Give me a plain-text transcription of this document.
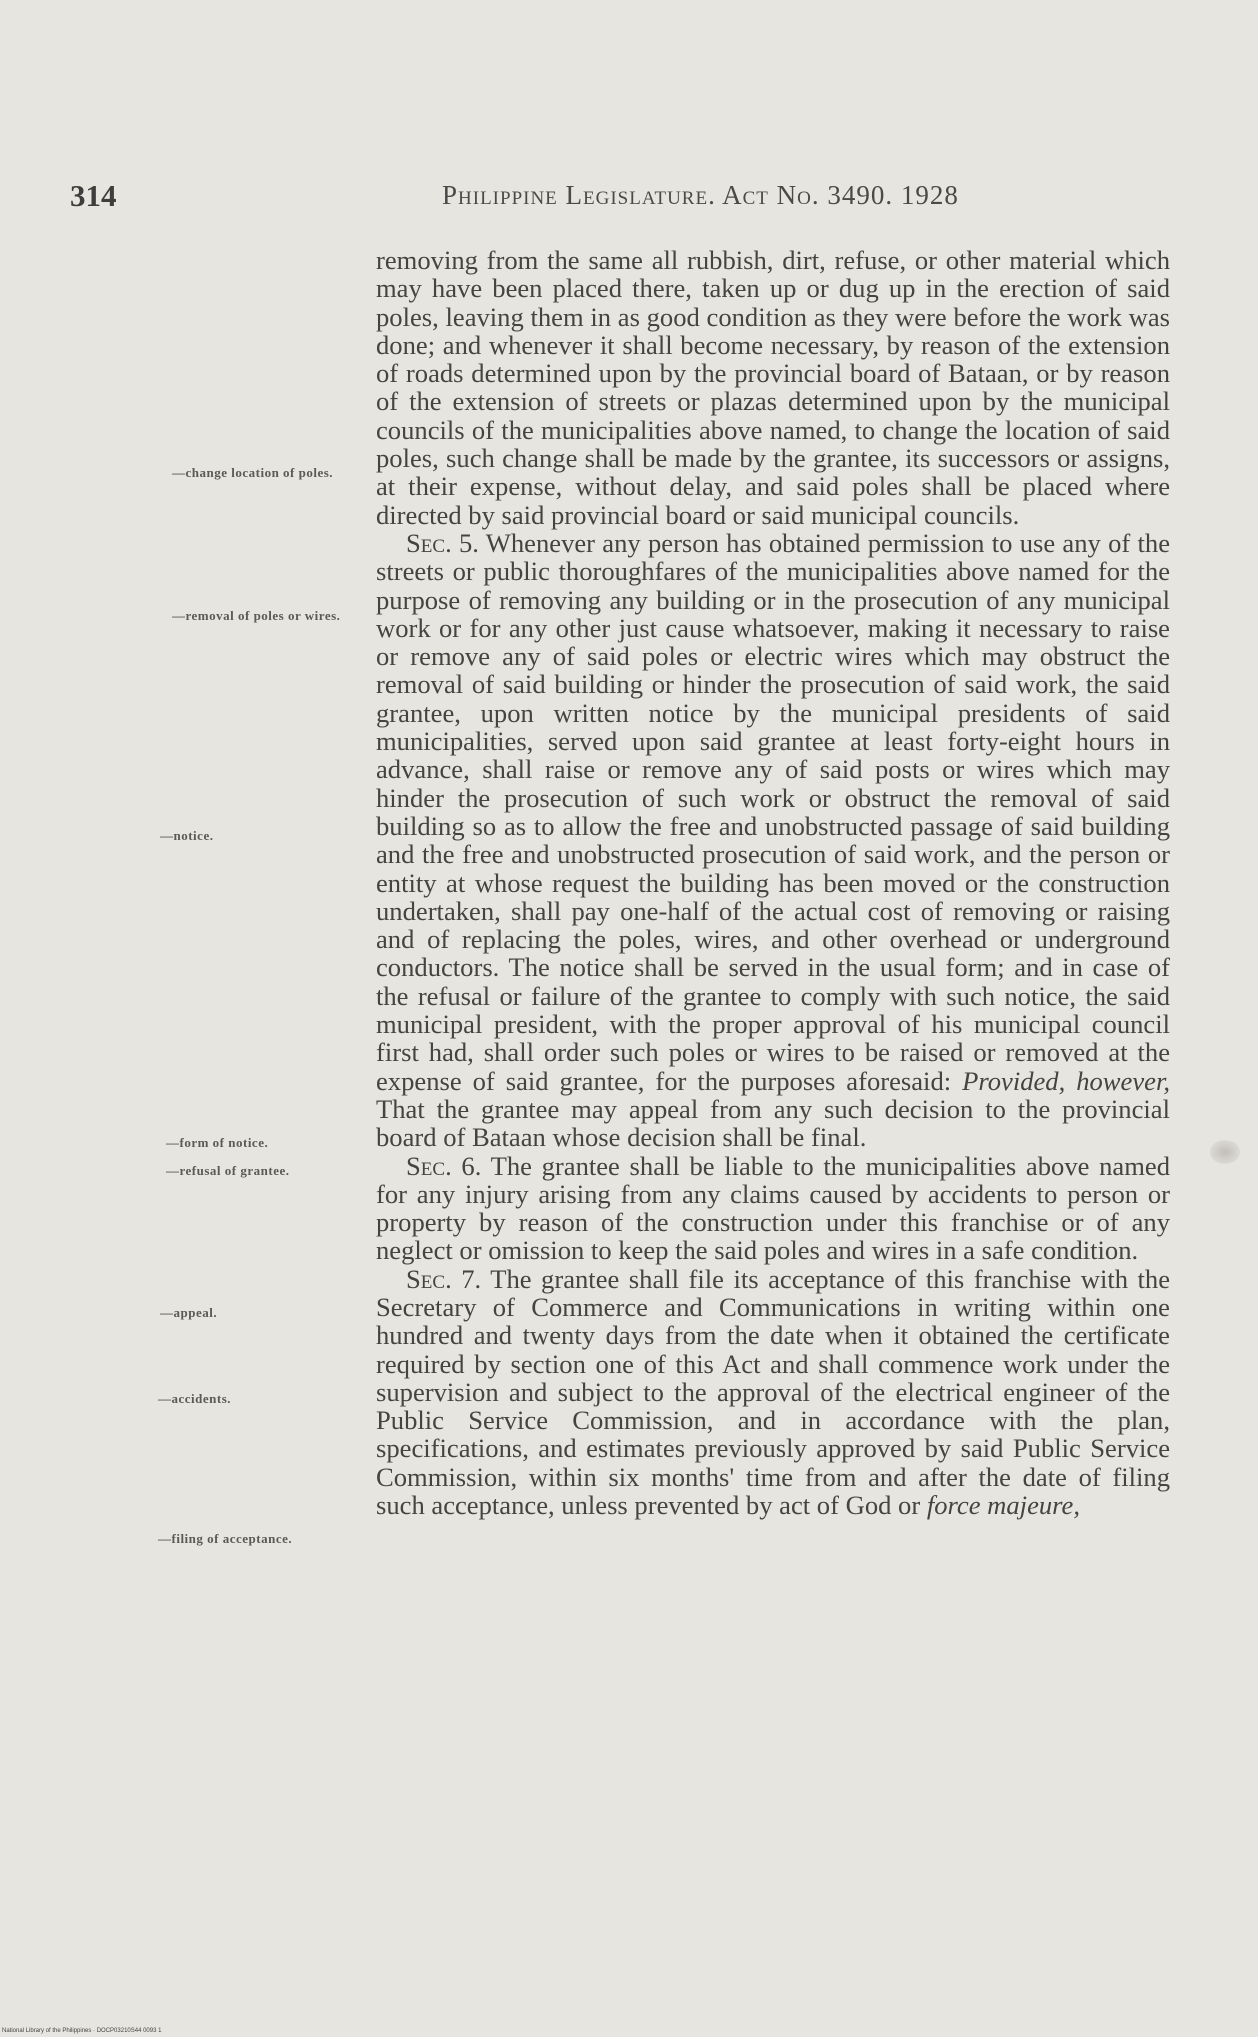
314	Philippine Legislature. Act No. 3490. 1928
—change location of poles.
—removal of poles or wires.
—notice.
—form of notice.
—refusal of grantee.
—appeal.
—accidents.
—filing of acceptance.

removing from the same all rubbish, dirt, refuse, or other material which may have been placed there, taken up or dug up in the erection of said poles, leaving them in as good condition as they were before the work was done; and whenever it shall become necessary, by reason of the extension of roads determined upon by the provincial board of Bataan, or by reason of the extension of streets or plazas determined upon by the municipal councils of the municipalities above named, to change the location of said poles, such change shall be made by the grantee, its successors or assigns, at their expense, without delay, and said poles shall be placed where directed by said provincial board or said municipal councils.

Sec. 5. Whenever any person has obtained permission to use any of the streets or public thoroughfares of the municipalities above named for the purpose of removing any building or in the prosecution of any municipal work or for any other just cause whatsoever, making it necessary to raise or remove any of said poles or electric wires which may obstruct the removal of said building or hinder the prosecution of said work, the said grantee, upon written notice by the municipal presidents of said municipalities, served upon said grantee at least forty-eight hours in advance, shall raise or remove any of said posts or wires which may hinder the prosecution of such work or obstruct the removal of said building so as to allow the free and unobstructed passage of said building and the free and unobstructed prosecution of said work, and the person or entity at whose request the building has been moved or the construction undertaken, shall pay one-half of the actual cost of removing or raising and of replacing the poles, wires, and other overhead or underground conductors. The notice shall be served in the usual form; and in case of the refusal or failure of the grantee to comply with such notice, the said municipal president, with the proper approval of his municipal council first had, shall order such poles or wires to be raised or removed at the expense of said grantee, for the purposes aforesaid: Provided, however, That the grantee may appeal from any such decision to the provincial board of Bataan whose decision shall be final.

Sec. 6. The grantee shall be liable to the municipalities above named for any injury arising from any claims caused by accidents to person or property by reason of the construction under this franchise or of any neglect or omission to keep the said poles and wires in a safe condition.

Sec. 7. The grantee shall file its acceptance of this franchise with the Secretary of Commerce and Communications in writing within one hundred and twenty days from the date when it obtained the certificate required by section one of this Act and shall commence work under the supervision and subject to the approval of the electrical engineer of the Public Service Commission, and in accordance with the plan, specifications, and estimates previously approved by said Public Service Commission, within six months' time from and after the date of filing such acceptance, unless prevented by act of God or force majeure,

National Library of the Philippines · DOCP03210S44 0093 1
